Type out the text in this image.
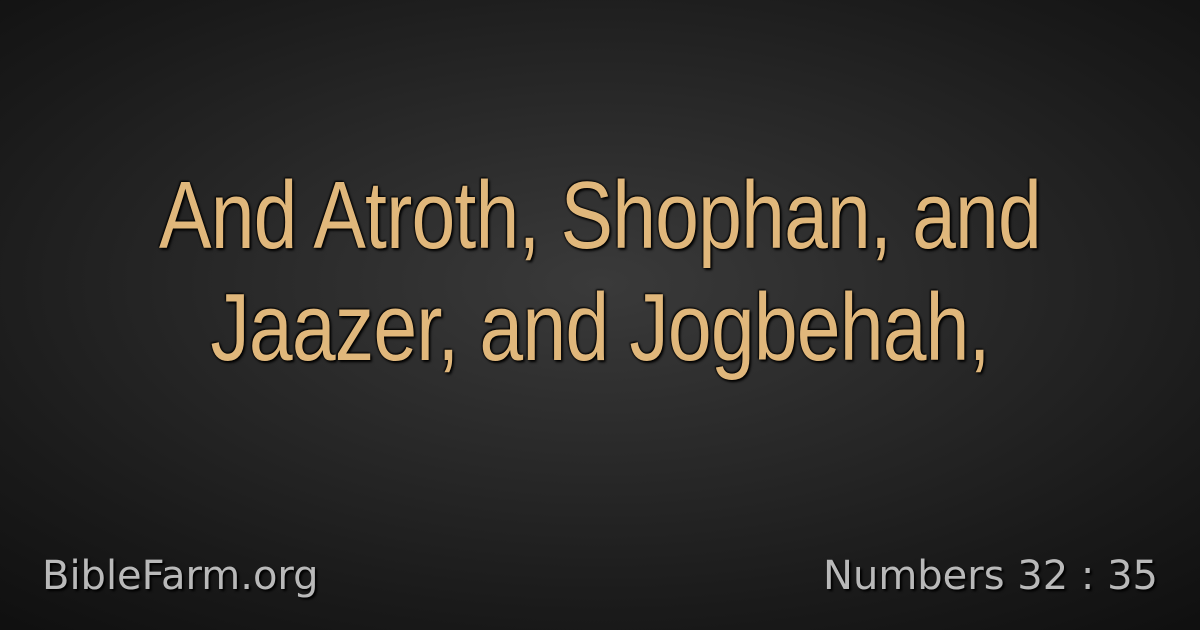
And Atroth, Shophan, and
Jaazer, and Jogbehah,
BibleFarm.org	Numbers 32 : 35
